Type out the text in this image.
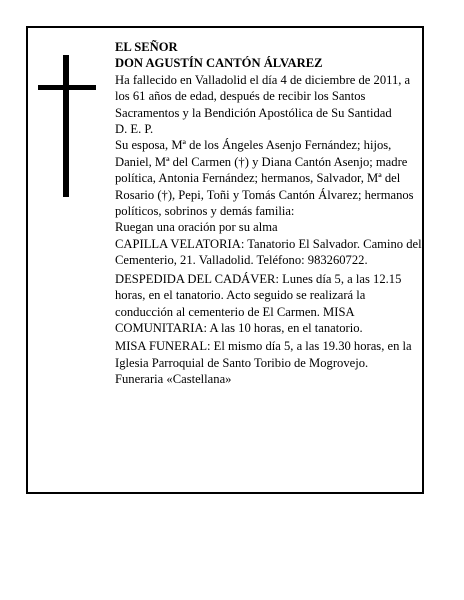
EL SEÑOR

DON AGUSTÍN CANTÓN ÁLVAREZ

Ha fallecido en Valladolid el día 4 de diciembre de 2011, a los 61 años de edad, después de recibir los Santos Sacramentos y la Bendición Apostólica de Su Santidad

D. E. P.

Su esposa, Mª de los Ángeles Asenjo Fernández; hijos, Daniel, Mª del Carmen (†) y Diana Cantón Asenjo; madre política, Antonia Fernández; hermanos, Salvador, Mª del Rosario (†), Pepi, Toñi y Tomás Cantón Álvarez; hermanos políticos, sobrinos y demás familia:

Ruegan una oración por su alma

CAPILLA VELATORIA: Tanatorio El Salvador. Camino del Cementerio, 21. Valladolid. Teléfono: 983260722.

DESPEDIDA DEL CADÁVER: Lunes día 5, a las 12.15 horas, en el tanatorio. Acto seguido se realizará la conducción al cementerio de El Carmen. MISA COMUNITARIA: A las 10 horas, en el tanatorio.

MISA FUNERAL: El mismo día 5, a las 19.30 horas, en la Iglesia Parroquial de Santo Toribio de Mogrovejo.

Funeraria «Castellana»
